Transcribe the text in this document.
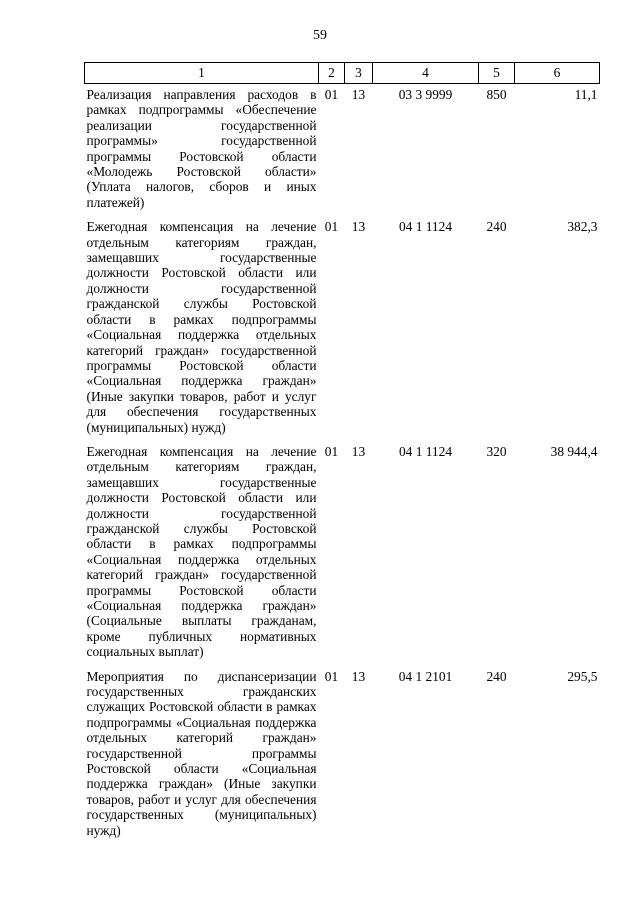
59
1	2	3	4	5	6
Реализация направления расходов в рамках подпрограммы «Обеспечение реализации государственной программы» государственной программы Ростовской области «Молодежь Ростовской области» (Уплата налогов, сборов и иных платежей)	01	13	03 3 9999	850	11,1
Ежегодная компенсация на лечение отдельным категориям граждан, замещавших государственные должности Ростовской области или должности государственной гражданской службы Ростовской области в рамках подпрограммы «Социальная поддержка отдельных категорий граждан» государственной программы Ростовской области «Социальная поддержка граждан» (Иные закупки товаров, работ и услуг для обеспечения государственных (муниципальных) нужд)	01	13	04 1 1124	240	382,3
Ежегодная компенсация на лечение отдельным категориям граждан, замещавших государственные должности Ростовской области или должности государственной гражданской службы Ростовской области в рамках подпрограммы «Социальная поддержка отдельных категорий граждан» государственной программы Ростовской области «Социальная поддержка граждан» (Социальные выплаты гражданам, кроме публичных нормативных социальных выплат)	01	13	04 1 1124	320	38 944,4
Мероприятия по диспансеризации государственных гражданских служащих Ростовской области в рамках подпрограммы «Социальная поддержка отдельных категорий граждан» государственной программы Ростовской области «Социальная поддержка граждан» (Иные закупки товаров, работ и услуг для обеспечения государственных (муниципальных) нужд)	01	13	04 1 2101	240	295,5
